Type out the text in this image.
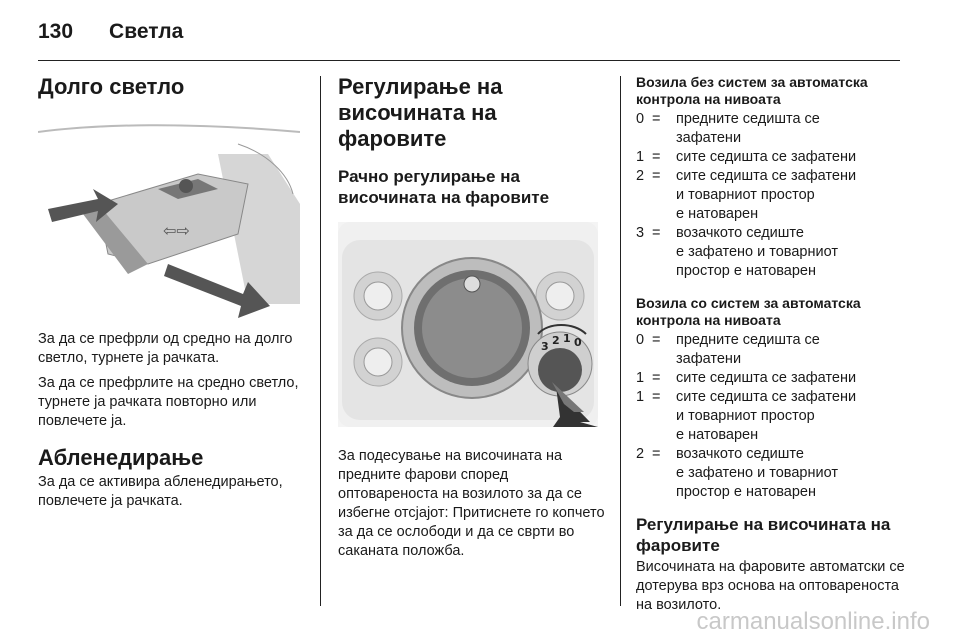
130 Светла
Долго светло
⇦⇨

За да се префрли од средно на долго светло, турнете ја рачката.

За да се префрлите на средно светло, турнете ја рачката повторно или повлечете ја.

Абленедирање

За да се активира абленедирањето, повлечете ја рачката.

Регулирање на височината на фаровите
Рачно регулирање на височината на фаровите
3 2 1 0

За подесување на височината на предните фарови според оптовареноста на возилото за да се избегне отсјајот: Притиснете го копчето за да се ослободи и да се сврти во саканата положба.

Возила без систем за автоматска контрола на нивоата
0 =	предните седишта се
зафатени
1 =	сите седишта се зафатени
2 =	сите седишта се зафатени
и товарниот простор
е натоварен
3 =	возачкото седиште
е зафатено и товарниот
простор е натоварен
Возила со систем за автоматска контрола на нивоата
0 =	предните седишта се
зафатени
1 =	сите седишта се зафатени
1 =	сите седишта се зафатени
и товарниот простор
е натоварен
2 =	возачкото седиште
е зафатено и товарниот
простор е натоварен
Регулирање на височината на фаровите

Височината на фаровите автоматски се дотерува врз основа на оптовареноста на возилото.

carmanualsonline.info
